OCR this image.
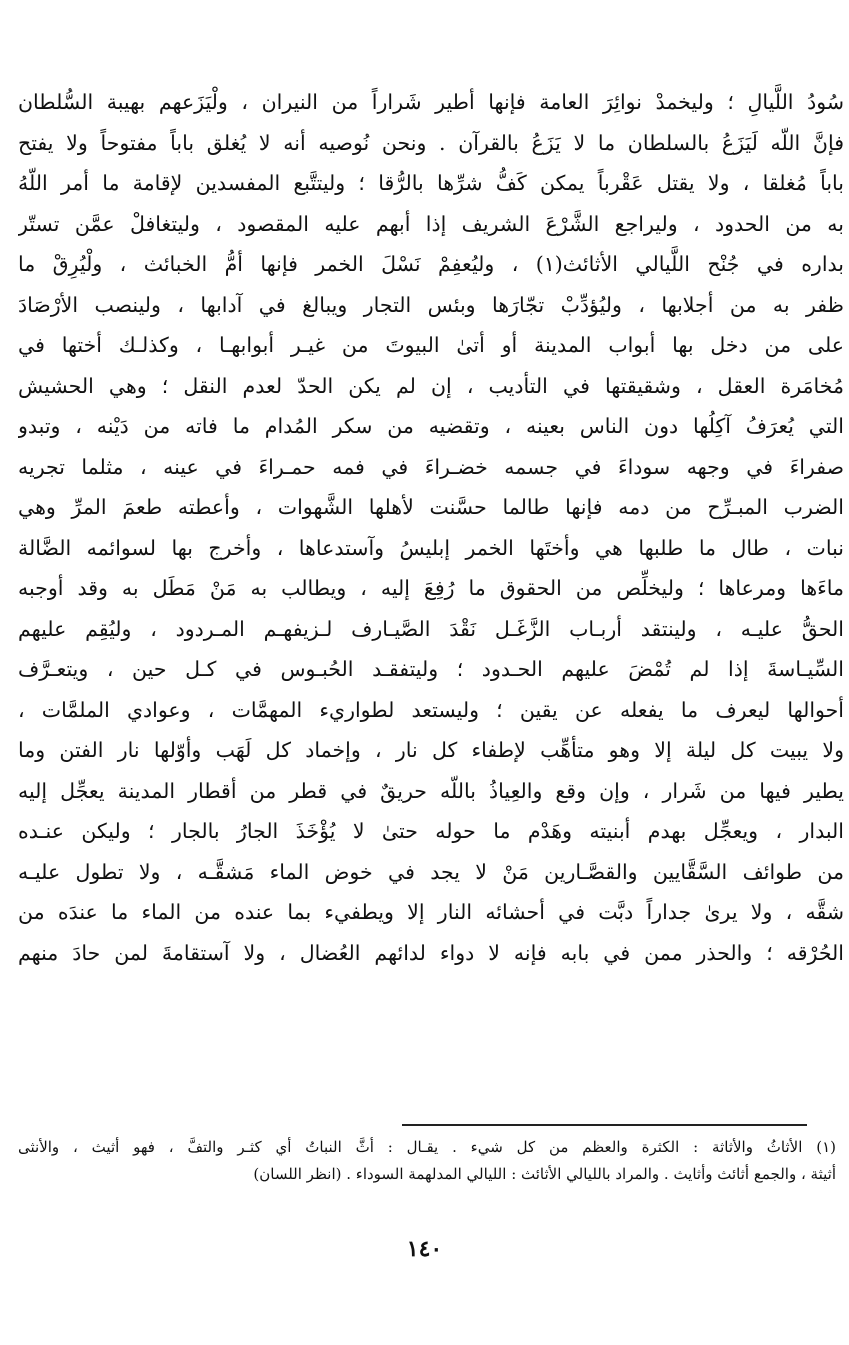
سُودُ اللَّيالِ ؛ وليخمدْ نوائِرَ العامة فإنها أطير شَراراً من النيران ، ولْيَزَعهم بهيبة السُّلطان
فإنَّ اللّه لَيَزَعُ بالسلطان ما لا يَزَعُ بالقرآن . ونحن نُوصيه أنه لا يُغلق باباً مفتوحاً ولا يفتح
باباً مُغلقا ، ولا يقتل عَقْرباً يمكن كَفُّ شرِّها بالرُّقا ؛ وليتتَّبع المفسدين لإقامة ما أمر اللّهُ
به من الحدود ، وليراجع الشَّرْعَ الشريف إذا أبهم عليه المقصود ، وليتغافلْ عمَّن تستّر
بداره في جُنْح اللَّيالي الأثائث(١) ، وليُعفِمْ نَسْلَ الخمر فإنها أمُّ الخبائث ، ولْيُرِقْ ما
ظفر به من أجلابها ، وليُؤدِّبْ تجّارَها وبئس التجار ويبالغ في آدابها ، ولينصب الأرْصَادَ
على من دخل بها أبواب المدينة أو أتىٰ البيوتَ من غيـر أبوابهـا ، وكذلـك أختها في
مُخامَرة العقل ، وشقيقتها في التأديب ، إن لم يكن الحدّ لعدم النقل ؛ وهي الحشيش
التي يُعرَفُ آكِلُها دون الناس بعينه ، وتقضيه من سكر المُدام ما فاته من دَيْنه ، وتبدو
صفراءَ في وجهه سوداءَ في جسمه خضـراءَ في فمه حمـراءَ في عينه ، مثلما تجريه
الضرب المبـرِّح من دمه فإنها طالما حسَّنت لأهلها الشَّهوات ، وأعطته طعمَ المرِّ وهي
نبات ، طال ما طلبها هي وأختَها الخمر إبليسُ وآستدعاها ، وأخرج بها لسوائمه الضَّالة
ماءَها ومرعاها ؛ وليخلِّص من الحقوق ما رُفِعَ إليه ، ويطالب به مَنْ مَطَل به وقد أوجبه
الحقُّ عليـه ، ولينتقد أربـاب الزَّغَـل نَقْدَ الصَّيـارف لـزيفهـم المـردود ، وليُقِم عليهم
السِّيـاسةَ إذا لم تُمْضَ عليهم الحـدود ؛ وليتفقـد الحُبـوس في كـل حين ، ويتعـرَّف
أحوالها ليعرف ما يفعله عن يقين ؛ وليستعد لطواريء المهمَّات ، وعوادي الملمَّات ،
ولا يبيت كل ليلة إلا وهو متأهِّب لإطفاء كل نار ، وإخماد كل لَهَب وأوّلها نار الفتن وما
يطير فيها من شَرار ، وإن وقع والعِياذُ باللّه حريقٌ في قطر من أقطار المدينة يعجِّل إليه
البدار ، ويعجِّل بهدم أبنيته وهَدْم ما حوله حتىٰ لا يُؤْخَذَ الجارُ بالجار ؛ وليكن عنـده
من طوائف السَّقَّايين والقصَّـارين مَنْ لا يجد في خوض الماء مَشقَّـه ، ولا تطول عليـه
شقَّه ، ولا يرىٰ جداراً دبَّت في أحشائه النار إلا ويطفيء بما عنده من الماء ما عندَه من
الحُرْقه ؛ والحذر ممن في بابه فإنه لا دواء لدائهم العُضال ، ولا آستقامةَ لمن حادَ منهم
(١) الأثاثُ والأثاثة : الكثرة والعظم من كل شيء . يقـال : أثَّ النباتُ أي كثـر والتفَّ ، فهو أثيث ، والأنثى
أثيثة ، والجمع أثائث وأثايث . والمراد بالليالي الأثائث : الليالي المدلهمة السوداء . (انظر اللسان)
١٤٠
